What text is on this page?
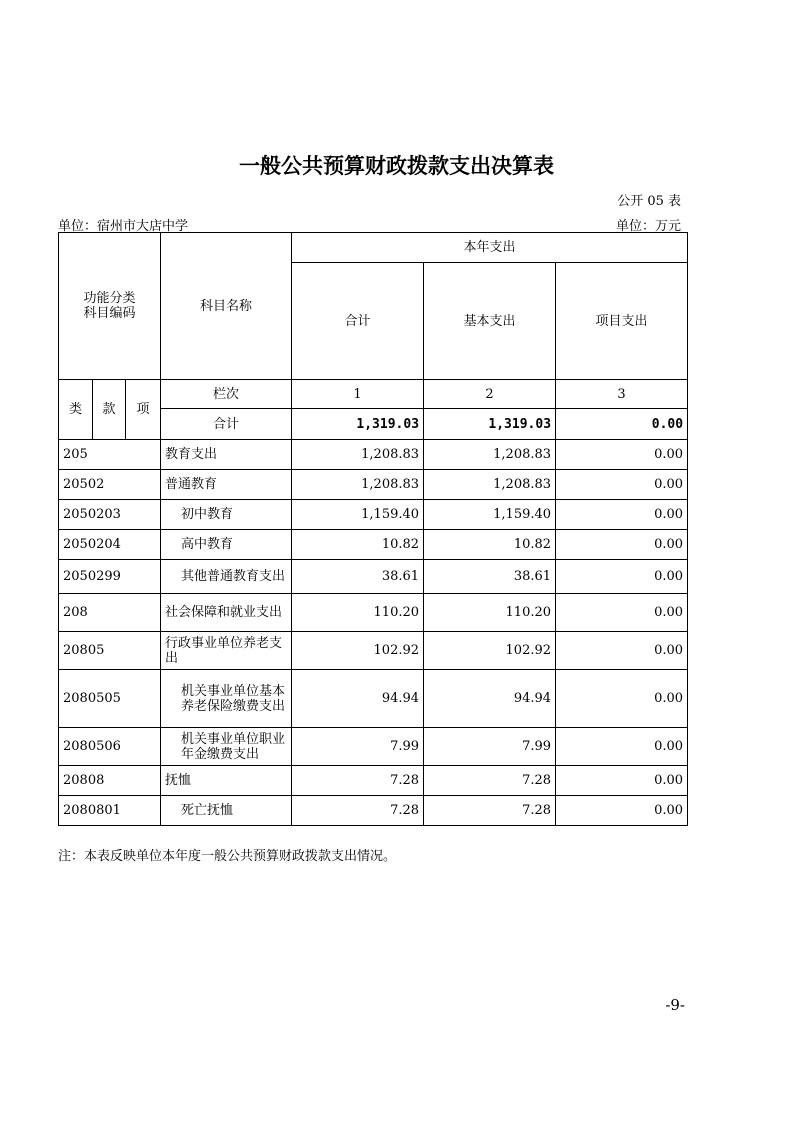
一般公共预算财政拨款支出决算表
公开 05 表
单位：宿州市大店中学	单位：万元
功能分类
科目编码			科目名称	本年支出		
				合计	基本支出	项目支出
类	款	项	栏次	1	2	3
			合计	1,319.03	1,319.03	0.00
205			教育支出	1,208.83	1,208.83	0.00
20502			普通教育	1,208.83	1,208.83	0.00
2050203			初中教育	1,159.40	1,159.40	0.00
2050204			高中教育	10.82	10.82	0.00
2050299			其他普通教育支出	38.61	38.61	0.00
208			社会保障和就业支出	110.20	110.20	0.00
20805			行政事业单位养老支出	102.92	102.92	0.00
2080505			机关事业单位基本养老保险缴费支出	94.94	94.94	0.00
2080506			机关事业单位职业年金缴费支出	7.99	7.99	0.00
20808			抚恤	7.28	7.28	0.00
2080801			死亡抚恤	7.28	7.28	0.00
注：本表反映单位本年度一般公共预算财政拨款支出情况。
-9-
